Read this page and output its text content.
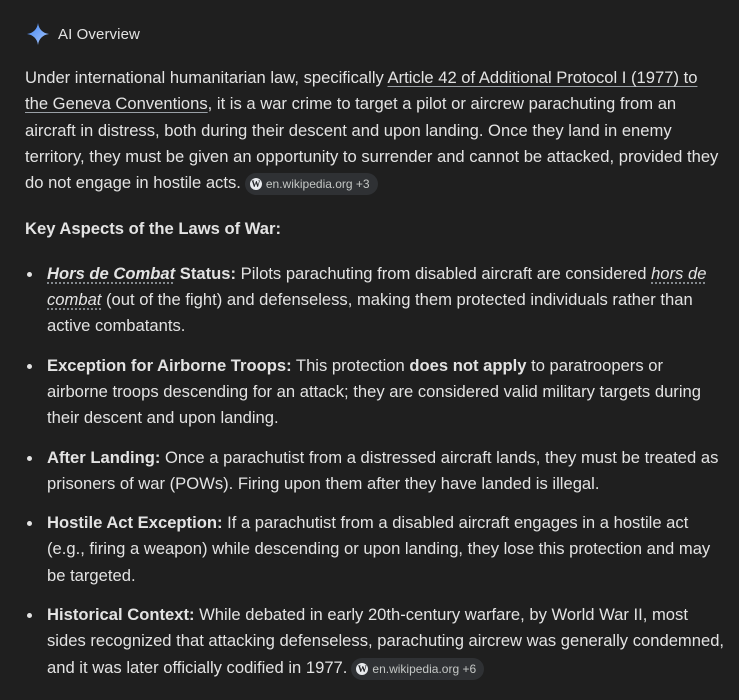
AI Overview

Under international humanitarian law, specifically Article 42 of Additional Protocol I (1977) to the Geneva Conventions, it is a war crime to target a pilot or aircrew parachuting from an aircraft in distress, both during their descent and upon landing. Once they land in enemy territory, they must be given an opportunity to surrender and cannot be attacked, provided they do not engage in hostile acts. W en.wikipedia.org +3

Key Aspects of the Laws of War:

Hors de Combat Status: Pilots parachuting from disabled aircraft are considered hors de combat (out of the fight) and defenseless, making them protected individuals rather than active combatants.
Exception for Airborne Troops: This protection does not apply to paratroopers or airborne troops descending for an attack; they are considered valid military targets during their descent and upon landing.
After Landing: Once a parachutist from a distressed aircraft lands, they must be treated as prisoners of war (POWs). Firing upon them after they have landed is illegal.
Hostile Act Exception: If a parachutist from a disabled aircraft engages in a hostile act (e.g., firing a weapon) while descending or upon landing, they lose this protection and may be targeted.
Historical Context: While debated in early 20th-century warfare, by World War II, most sides recognized that attacking defenseless, parachuting aircrew was generally condemned, and it was later officially codified in 1977. W en.wikipedia.org +6
